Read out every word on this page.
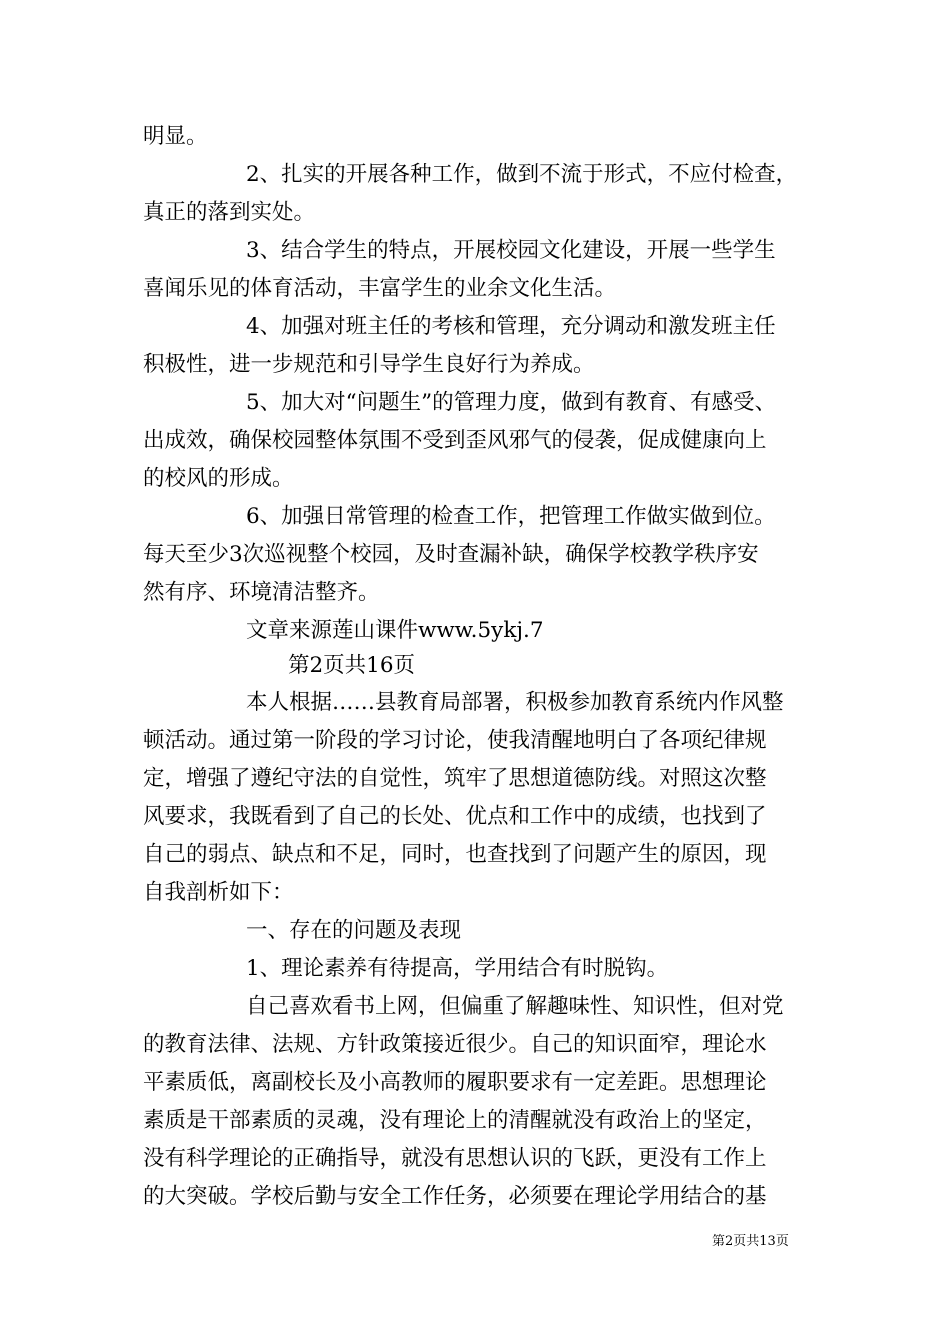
明显。
2、扎实的开展各种工作，做到不流于形式，不应付检查，
真正的落到实处。
3、结合学生的特点，开展校园文化建设，开展一些学生
喜闻乐见的体育活动，丰富学生的业余文化生活。
4、加强对班主任的考核和管理，充分调动和激发班主任
积极性，进一步规范和引导学生良好行为养成。
5、加大对“问题生”的管理力度，做到有教育、有感受、
出成效，确保校园整体氛围不受到歪风邪气的侵袭，促成健康向上
的校风的形成。
6、加强日常管理的检查工作，把管理工作做实做到位。
每天至少3次巡视整个校园，及时查漏补缺，确保学校教学秩序安
然有序、环境清洁整齐。
文章来源莲山课件www.5ykj.7
第2页共16页
本人根据……县教育局部署，积极参加教育系统内作风整
顿活动。通过第一阶段的学习讨论，使我清醒地明白了各项纪律规
定，增强了遵纪守法的自觉性，筑牢了思想道德防线。对照这次整
风要求，我既看到了自己的长处、优点和工作中的成绩，也找到了
自己的弱点、缺点和不足，同时，也查找到了问题产生的原因，现
自我剖析如下：
一、存在的问题及表现
1、理论素养有待提高，学用结合有时脱钩。
自己喜欢看书上网，但偏重了解趣味性、知识性，但对党
的教育法律、法规、方针政策接近很少。自己的知识面窄，理论水
平素质低，离副校长及小高教师的履职要求有一定差距。思想理论
素质是干部素质的灵魂，没有理论上的清醒就没有政治上的坚定，
没有科学理论的正确指导，就没有思想认识的飞跃，更没有工作上
的大突破。学校后勤与安全工作任务，必须要在理论学用结合的基
第2页共13页
